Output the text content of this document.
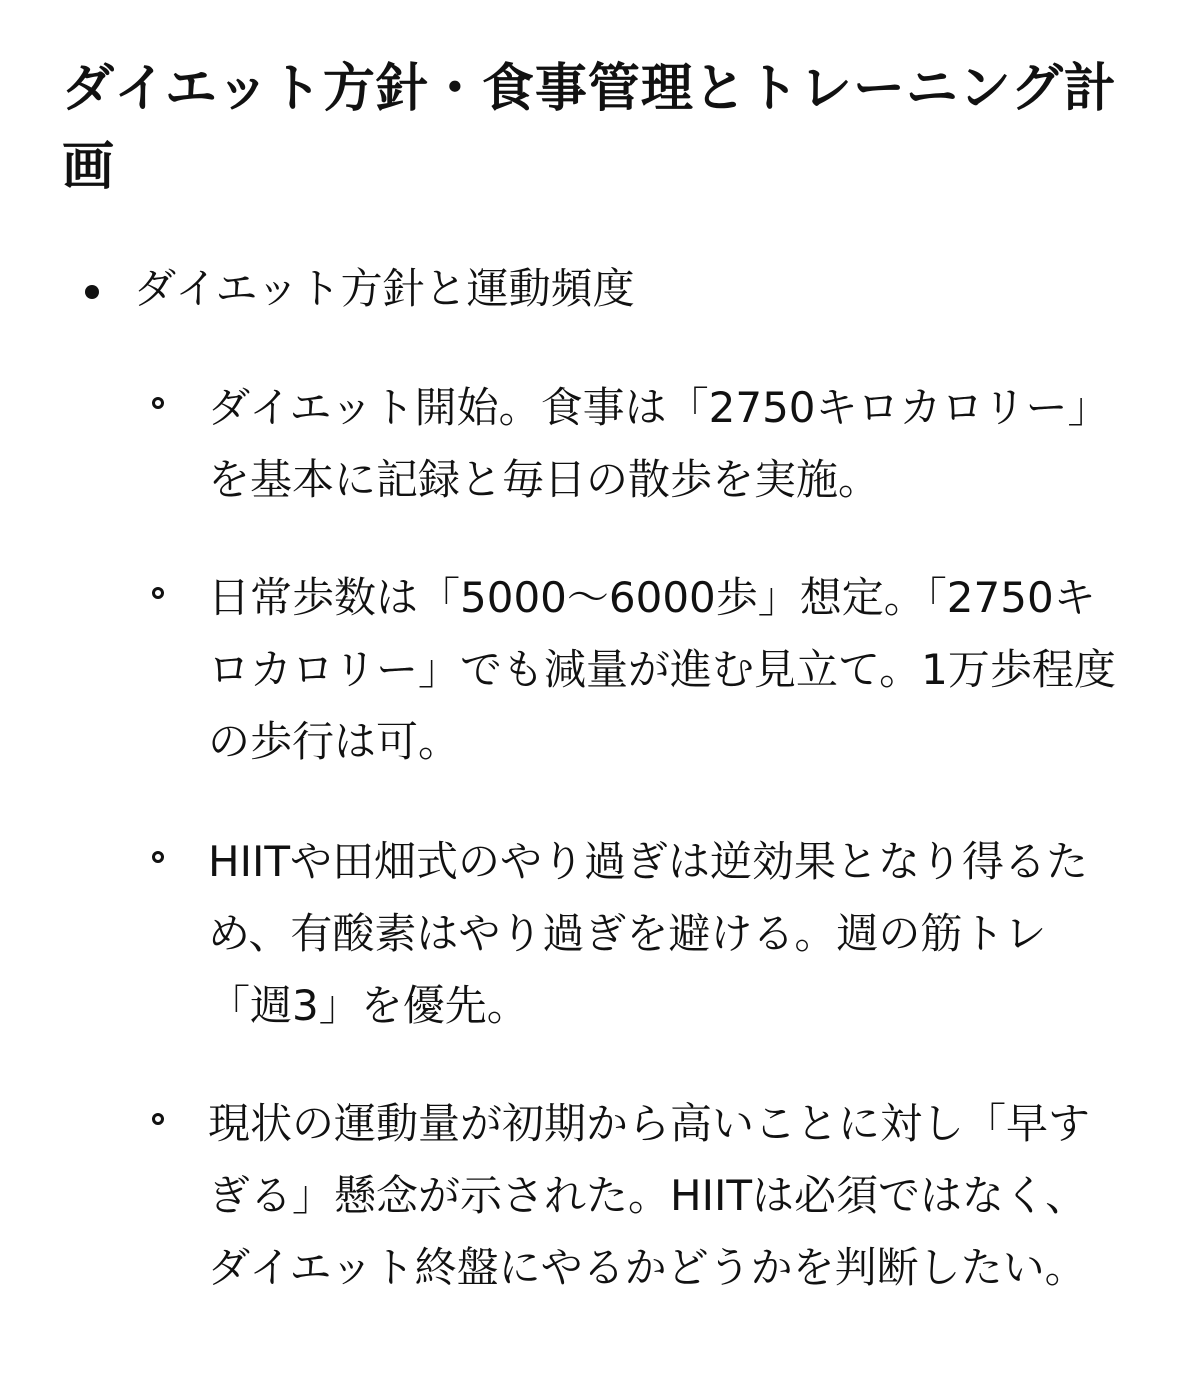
ダイエット方針・食事管理とトレーニング計画
ダイエット方針と運動頻度

ダイエット開始。食事は「2750キロカロリー」を基本に記録と毎日の散歩を実施。

日常歩数は「5000〜6000歩」想定。「2750キロカロリー」でも減量が進む見立て。1万歩程度の歩行は可。

HIITや田畑式のやり過ぎは逆効果となり得るため、有酸素はやり過ぎを避ける。週の筋トレ「週3」を優先。

現状の運動量が初期から高いことに対し「早すぎる」懸念が示された。HIITは必須ではなく、ダイエット終盤にやるかどうかを判断したい。
